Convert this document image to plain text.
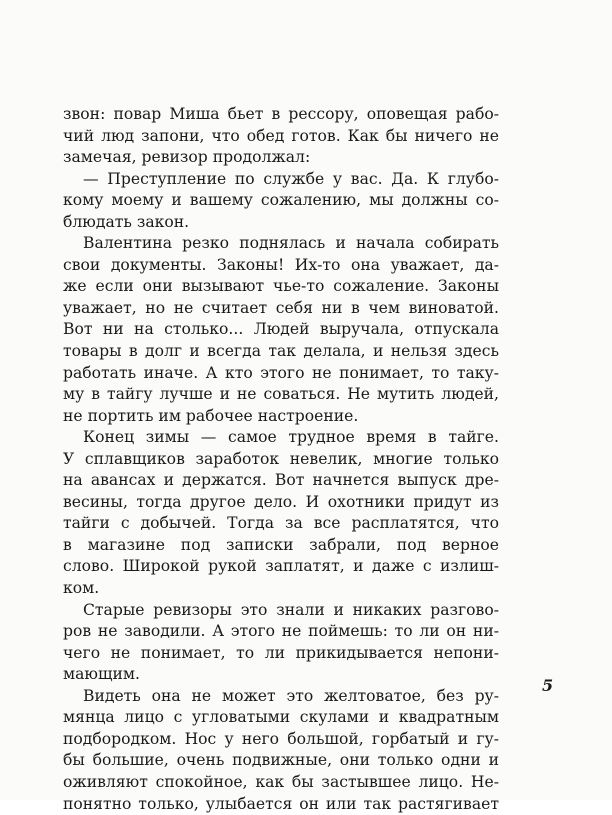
звон: повар Миша бьет в рессору, оповещая рабо-
чий люд запони, что обед готов. Как бы ничего не
замечая, ревизор продолжал:
— Преступление по службе у вас. Да. К глубо-
кому моему и вашему сожалению, мы должны со-
блюдать закон.
Валентина резко поднялась и начала собирать
свои документы. Законы! Их-то она уважает, да-
же если они вызывают чье-то сожаление. Законы
уважает, но не считает себя ни в чем виноватой.
Вот ни на столько... Людей выручала, отпускала
товары в долг и всегда так делала, и нельзя здесь
работать иначе. А кто этого не понимает, то таку-
му в тайгу лучше и не соваться. Не мутить людей,
не портить им рабочее настроение.
Конец зимы — самое трудное время в тайге.
У сплавщиков заработок невелик, многие только
на авансах и держатся. Вот начнется выпуск дре-
весины, тогда другое дело. И охотники придут из
тайги с добычей. Тогда за все расплатятся, что
в магазине под записки забрали, под верное
слово. Широкой рукой заплатят, и даже с излиш-
ком.
Старые ревизоры это знали и никаких разгово-
ров не заводили. А этого не поймешь: то ли он ни-
чего не понимает, то ли прикидывается непони-
мающим.
Видеть она не может это желтоватое, без ру-
мянца лицо с угловатыми скулами и квадратным
подбородком. Нос у него большой, горбатый и гу-
бы большие, очень подвижные, они только одни и
оживляют спокойное, как бы застывшее лицо. Не-
понятно только, улыбается он или так растягивает
5
